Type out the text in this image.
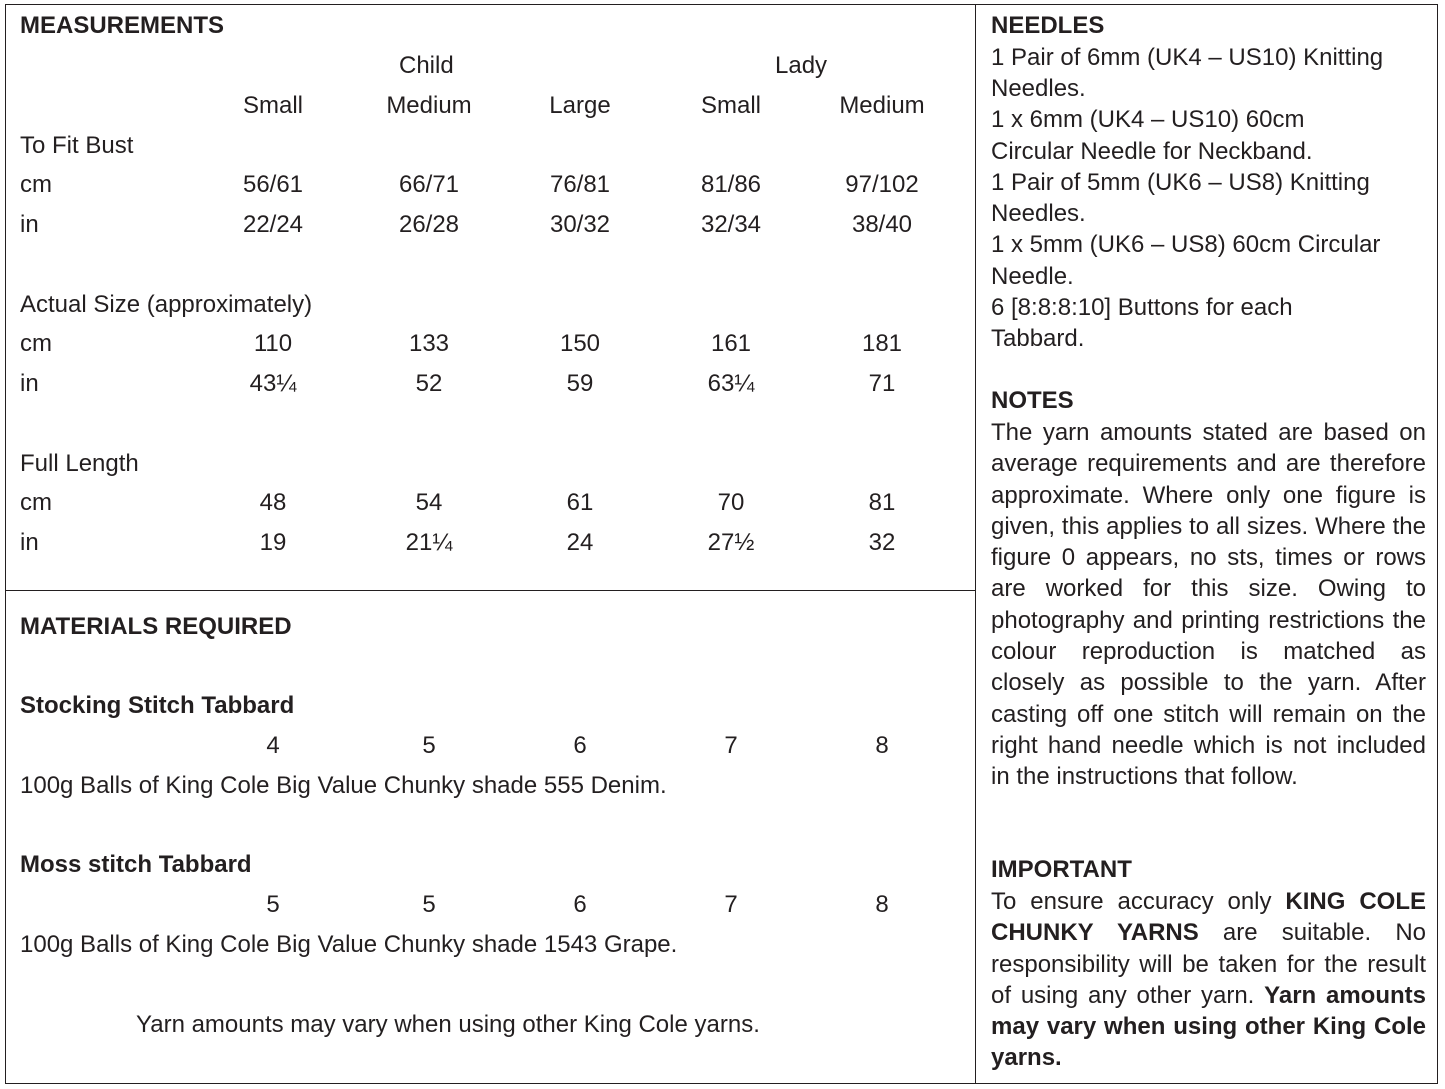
MEASUREMENTS
Child	Lady
Small	Medium	Large	Small	Medium
To Fit Bust
cm	56/61	66/71	76/81	81/86	97/102
in	22/24	26/28	30/32	32/34	38/40
Actual Size (approximately)
cm	110	133	150	161	181
in	43¼	52	59	63¼	71
Full Length
cm	48	54	61	70	81
in	19	21¼	24	27½	32
MATERIALS REQUIRED
Stocking Stitch Tabbard
4	5	6	7	8
100g Balls of King Cole Big Value Chunky shade 555 Denim.
Moss stitch Tabbard
5	5	6	7	8
100g Balls of King Cole Big Value Chunky shade 1543 Grape.
Yarn amounts may vary when using other King Cole yarns.
NEEDLES
1 Pair of 6mm (UK4 – US10) Knitting
Needles.
1 x 6mm (UK4 – US10) 60cm
Circular Needle for Neckband.
1 Pair of 5mm (UK6 – US8) Knitting
Needles.
1 x 5mm (UK6 – US8) 60cm Circular
Needle.
6 [8:8:8:10] Buttons for each
Tabbard.
NOTES
The yarn amounts stated are based on average requirements and are therefore approximate. Where only one figure is given, this applies to all sizes. Where the figure 0 appears, no sts, times or rows are worked for this size. Owing to photography and printing restrictions the colour reproduction is matched as closely as possible to the yarn. After casting off one stitch will remain on the right hand needle which is not included in the instructions that follow.
IMPORTANT
To ensure accuracy only KING COLE CHUNKY YARNS are suitable. No responsibility will be taken for the result of using any other yarn. Yarn amounts may vary when using other King Cole yarns.
